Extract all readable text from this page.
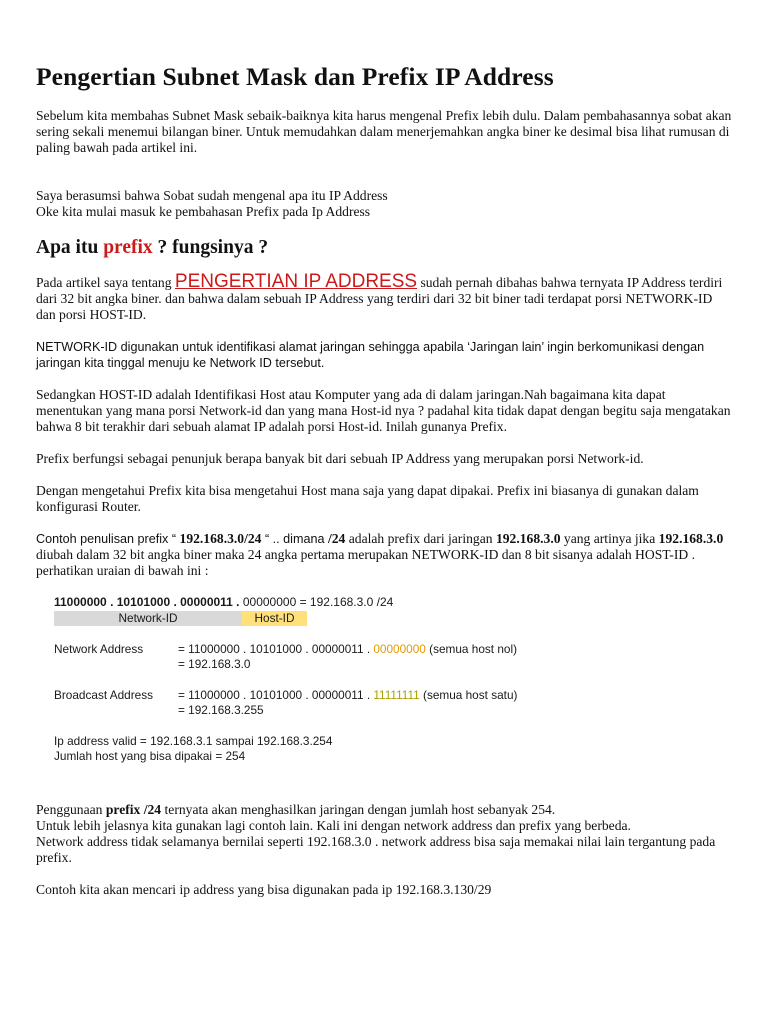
Pengertian Subnet Mask dan Prefix IP Address

Sebelum kita membahas Subnet Mask sebaik-baiknya kita harus mengenal Prefix lebih dulu. Dalam pembahasannya sobat akan sering sekali menemui bilangan biner. Untuk memudahkan dalam menerjemahkan angka biner ke desimal bisa lihat rumusan di paling bawah pada artikel ini.

Saya berasumsi bahwa Sobat sudah mengenal apa itu IP Address
Oke kita mulai masuk ke pembahasan Prefix pada Ip Address

Apa itu prefix ? fungsinya ?

Pada artikel saya tentang PENGERTIAN IP ADDRESS sudah pernah dibahas bahwa ternyata IP Address terdiri dari 32 bit angka biner. dan bahwa dalam sebuah IP Address yang terdiri dari 32 bit biner tadi terdapat porsi NETWORK-ID dan porsi HOST-ID.

NETWORK-ID digunakan untuk identifikasi alamat jaringan sehingga apabila ‘Jaringan lain’ ingin berkomunikasi dengan jaringan kita tinggal menuju ke Network ID tersebut.

Sedangkan HOST-ID adalah Identifikasi Host atau Komputer yang ada di dalam jaringan.Nah bagaimana kita dapat menentukan yang mana porsi Network-id dan yang mana Host-id nya ? padahal kita tidak dapat dengan begitu saja mengatakan bahwa 8 bit terakhir dari sebuah alamat IP adalah porsi Host-id. Inilah gunanya Prefix.

Prefix berfungsi sebagai penunjuk berapa banyak bit dari sebuah IP Address yang merupakan porsi Network-id.

Dengan mengetahui Prefix kita bisa mengetahui Host mana saja yang dapat dipakai. Prefix ini biasanya di gunakan dalam konfigurasi Router.

Contoh penulisan prefix “ 192.168.3.0/24 “ .. dimana /24 adalah prefix dari jaringan 192.168.3.0 yang artinya jika 192.168.3.0 diubah dalam 32 bit angka biner maka 24 angka pertama merupakan NETWORK-ID dan 8 bit sisanya adalah HOST-ID . perhatikan uraian di bawah ini :

11000000 . 10101000 . 00000011 . 00000000 = 192.168.3.0 /24
Network-ID	Host-ID
Network Address	= 11000000 . 10101000 . 00000011 . 00000000 (semua host nol)
= 192.168.3.0
Broadcast Address	= 11000000 . 10101000 . 00000011 . 11111111 (semua host satu)
= 192.168.3.255
Ip address valid = 192.168.3.1 sampai 192.168.3.254
Jumlah host yang bisa dipakai = 254

Penggunaan prefix /24 ternyata akan menghasilkan jaringan dengan jumlah host sebanyak 254.
Untuk lebih jelasnya kita gunakan lagi contoh lain. Kali ini dengan network address dan prefix yang berbeda.
Network address tidak selamanya bernilai seperti 192.168.3.0 . network address bisa saja memakai nilai lain tergantung pada prefix.

Contoh kita akan mencari ip address yang bisa digunakan pada ip 192.168.3.130/29
